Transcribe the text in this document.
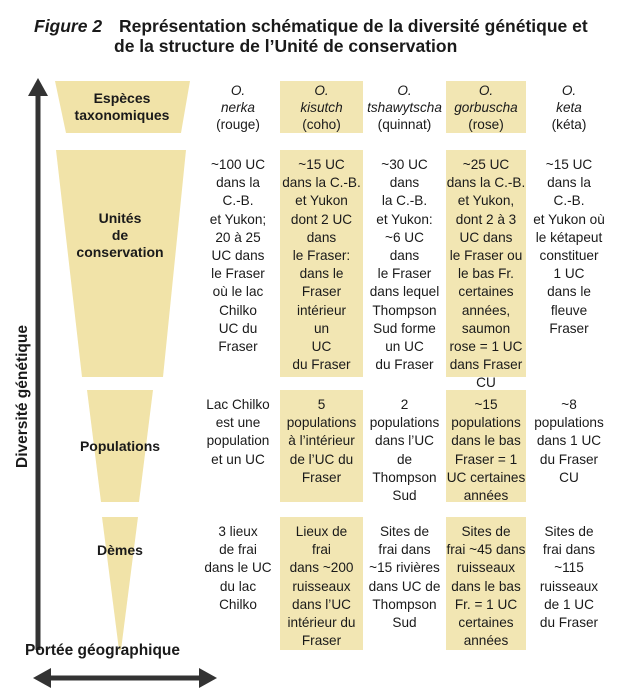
Figure 2 Représentation schématique de la diversité génétique et
de la structure de l’Unité de conservation
Diversité génétique
Portée géographique
Espèces
taxonomiques
Unités
de
conservation
Populations
Dèmes
O.
nerka
(rouge)
O.
kisutch
(coho)
O.
tshawytscha
(quinnat)
O.
gorbuscha
(rose)
O.
keta
(kéta)
~100 UC
dans la
C.-B.
et Yukon;
20 à 25
UC dans
le Fraser
où le lac
Chilko
UC du
Fraser
~15 UC
dans la C.-B.
et Yukon
dont 2 UC
dans
le Fraser:
dans le
Fraser
intérieur
un
UC
du Fraser
~30 UC
dans
la C.-B.
et Yukon:
~6 UC
dans
le Fraser
dans lequel
Thompson
Sud forme
un UC
du Fraser
~25 UC
dans la C.-B.
et Yukon,
dont 2 à 3
UC dans
le Fraser ou
le bas Fr.
certaines
années,
saumon
rose = 1 UC
dans Fraser
CU
~15 UC
dans la
C.-B.
et Yukon où
le kétapeut
constituer
1 UC
dans le
fleuve
Fraser
Lac Chilko
est une
population
et un UC
5
populations
à l’intérieur
de l’UC du
Fraser
2
populations
dans l’UC
de
Thompson
Sud
~15
populations
dans le bas
Fraser = 1
UC certaines
années
~8
populations
dans 1 UC
du Fraser
CU
3 lieux
de frai
dans le UC
du lac
Chilko
Lieux de
frai
dans ~200
ruisseaux
dans l’UC
intérieur du
Fraser
Sites de
frai dans
~15 rivières
dans UC de
Thompson
Sud
Sites de
frai ~45 dans
ruisseaux
dans le bas
Fr. = 1 UC
certaines
années
Sites de
frai dans
~115
ruisseaux
de 1 UC
du Fraser
